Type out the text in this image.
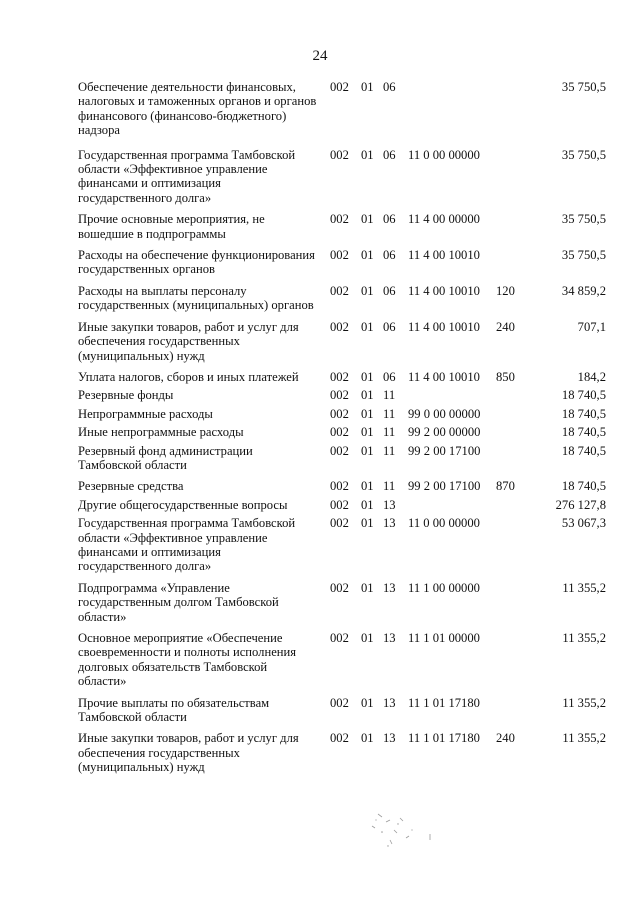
24
Обеспечение деятельности финансовых, налоговых и таможенных органов и органов финансового (финансово-бюджетного) надзора
002 01 06	35 750,5
Государственная программа Тамбовской области «Эффективное управление финансами и оптимизация государственного долга»
002 01 06 11 0 00 00000	35 750,5
Прочие основные мероприятия, не вошедшие в подпрограммы
002 01 06 11 4 00 00000	35 750,5
Расходы на обеспечение функционирования государственных органов
002 01 06 11 4 00 10010	35 750,5
Расходы на выплаты персоналу государственных (муниципальных) органов
002 01 06 11 4 00 10010 120	34 859,2
Иные закупки товаров, работ и услуг для обеспечения государственных (муниципальных) нужд
002 01 06 11 4 00 10010 240	707,1
Уплата налогов, сборов и иных платежей	002 01 06 11 4 00 10010 850	184,2
Резервные фонды	002 01 11	18 740,5
Непрограммные расходы	002 01 11 99 0 00 00000	18 740,5
Иные непрограммные расходы	002 01 11 99 2 00 00000	18 740,5
Резервный фонд администрации Тамбовской области
002 01 11 99 2 00 17100	18 740,5
Резервные средства	002 01 11 99 2 00 17100 870	18 740,5
Другие общегосударственные вопросы	002 01 13	276 127,8
Государственная программа Тамбовской области «Эффективное управление финансами и оптимизация государственного долга»
002 01 13 11 0 00 00000	53 067,3
Подпрограмма «Управление государственным долгом Тамбовской области»
002 01 13 11 1 00 00000	11 355,2
Основное мероприятие «Обеспечение своевременности и полноты исполнения долговых обязательств Тамбовской области»
002 01 13 11 1 01 00000	11 355,2
Прочие выплаты по обязательствам Тамбовской области
002 01 13 11 1 01 17180	11 355,2
Иные закупки товаров, работ и услуг для обеспечения государственных (муниципальных) нужд
002 01 13 11 1 01 17180 240	11 355,2
